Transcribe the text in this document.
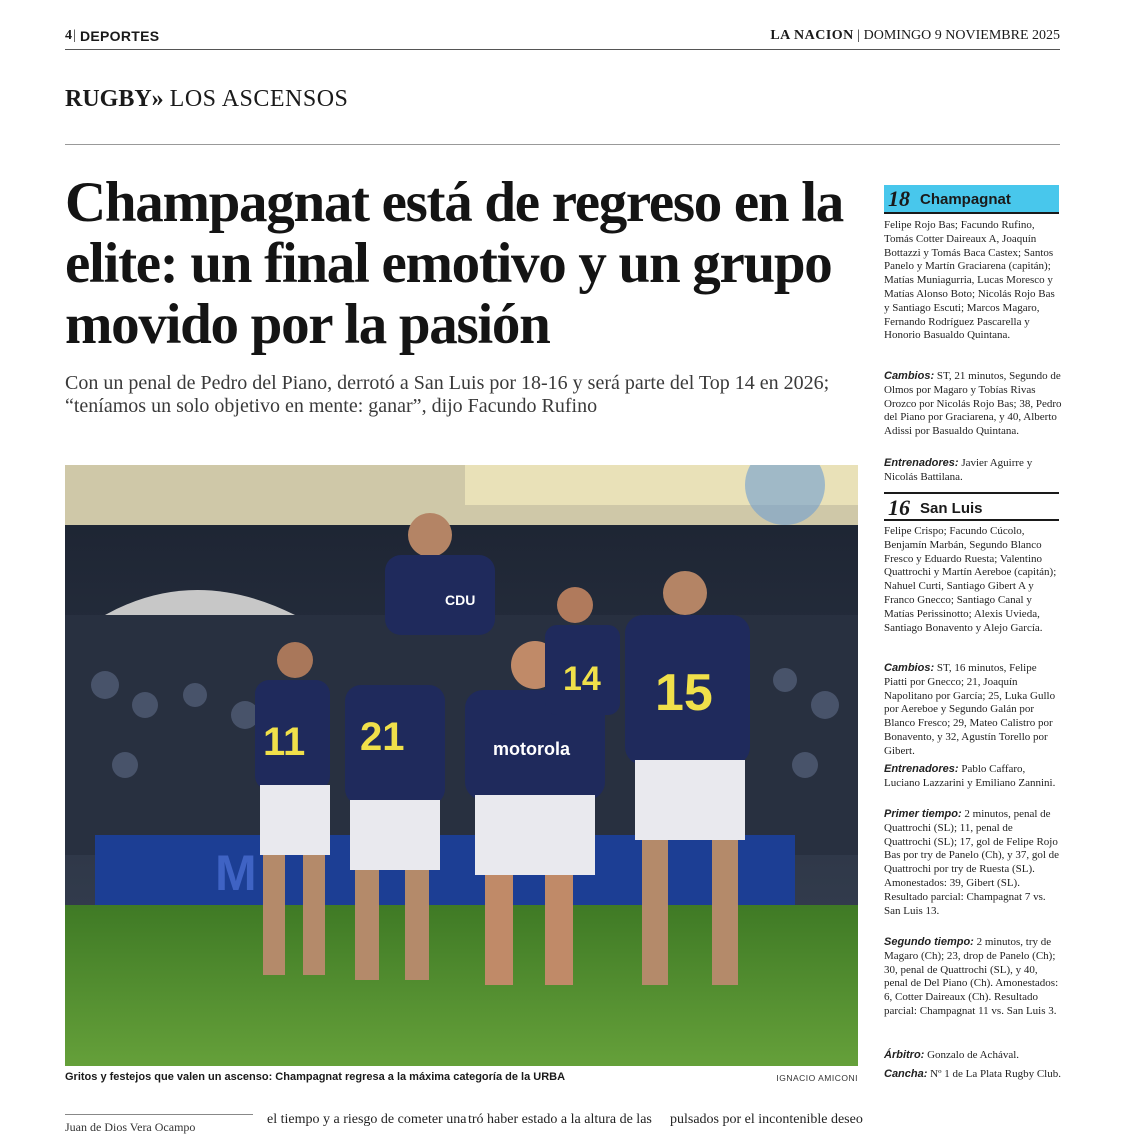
4 | DEPORTES	LA NACION | DOMINGO 9 NOVIEMBRE 2025
RUGBY» LOS ASCENSOS
Champagnat está de regreso en la elite: un final emotivo y un grupo movido por la pasión

Con un penal de Pedro del Piano, derrotó a San Luis por 18-16 y será parte del Top 14 en 2026; “teníamos un solo objetivo en mente: ganar”, dijo Facundo Rufino

M
11 21
CDU
motorola
14 15
Gritos y festejos que valen un ascenso: Champagnat regresa a la máxima categoría de la URBA	IGNACIO AMICONI
Juan de Dios Vera Ocampo	el tiempo y a riesgo de cometer una tró haber estado a la altura de las pulsados por el incontenible deseo
18 Champagnat

Felipe Rojo Bas; Facundo Rufino, Tomás Cotter Daireaux A, Joaquín Bottazzi y Tomás Baca Castex; Santos Panelo y Martín Graciarena (capitán); Matías Muniagurria, Lucas Moresco y Matías Alonso Boto; Nicolás Rojo Bas y Santiago Escuti; Marcos Magaro, Fernando Rodríguez Pascarella y Honorio Basualdo Quintana.

Cambios: ST, 21 minutos, Segundo de Olmos por Magaro y Tobías Rivas Orozco por Nicolás Rojo Bas; 38, Pedro del Piano por Graciarena, y 40, Alberto Adissi por Basualdo Quintana.

Entrenadores: Javier Aguirre y Nicolás Battilana.

16 San Luis

Felipe Crispo; Facundo Cúcolo, Benjamín Marbán, Segundo Blanco Fresco y Eduardo Ruesta; Valentino Quattrochi y Martín Aereboe (capitán); Nahuel Curti, Santiago Gibert A y Franco Gnecco; Santiago Canal y Matías Perissinotto; Alexis Uvieda, Santiago Bonavento y Alejo García.

Cambios: ST, 16 minutos, Felipe Piatti por Gnecco; 21, Joaquín Napolitano por García; 25, Luka Gullo por Aereboe y Segundo Galán por Blanco Fresco; 29, Mateo Calistro por Bonavento, y 32, Agustín Torello por Gibert.

Entrenadores: Pablo Caffaro, Luciano Lazzarini y Emiliano Zannini.

Primer tiempo: 2 minutos, penal de Quattrochi (SL); 11, penal de Quattrochi (SL); 17, gol de Felipe Rojo Bas por try de Panelo (Ch), y 37, gol de Quattrochi por try de Ruesta (SL). Amonestados: 39, Gibert (SL). Resultado parcial: Champagnat 7 vs. San Luis 13.

Segundo tiempo: 2 minutos, try de Magaro (Ch); 23, drop de Panelo (Ch); 30, penal de Quattrochi (SL), y 40, penal de Del Piano (Ch). Amonestados: 6, Cotter Daireaux (Ch). Resultado parcial: Champagnat 11 vs. San Luis 3.

Árbitro: Gonzalo de Achával.

Cancha: Nº 1 de La Plata Rugby Club.
